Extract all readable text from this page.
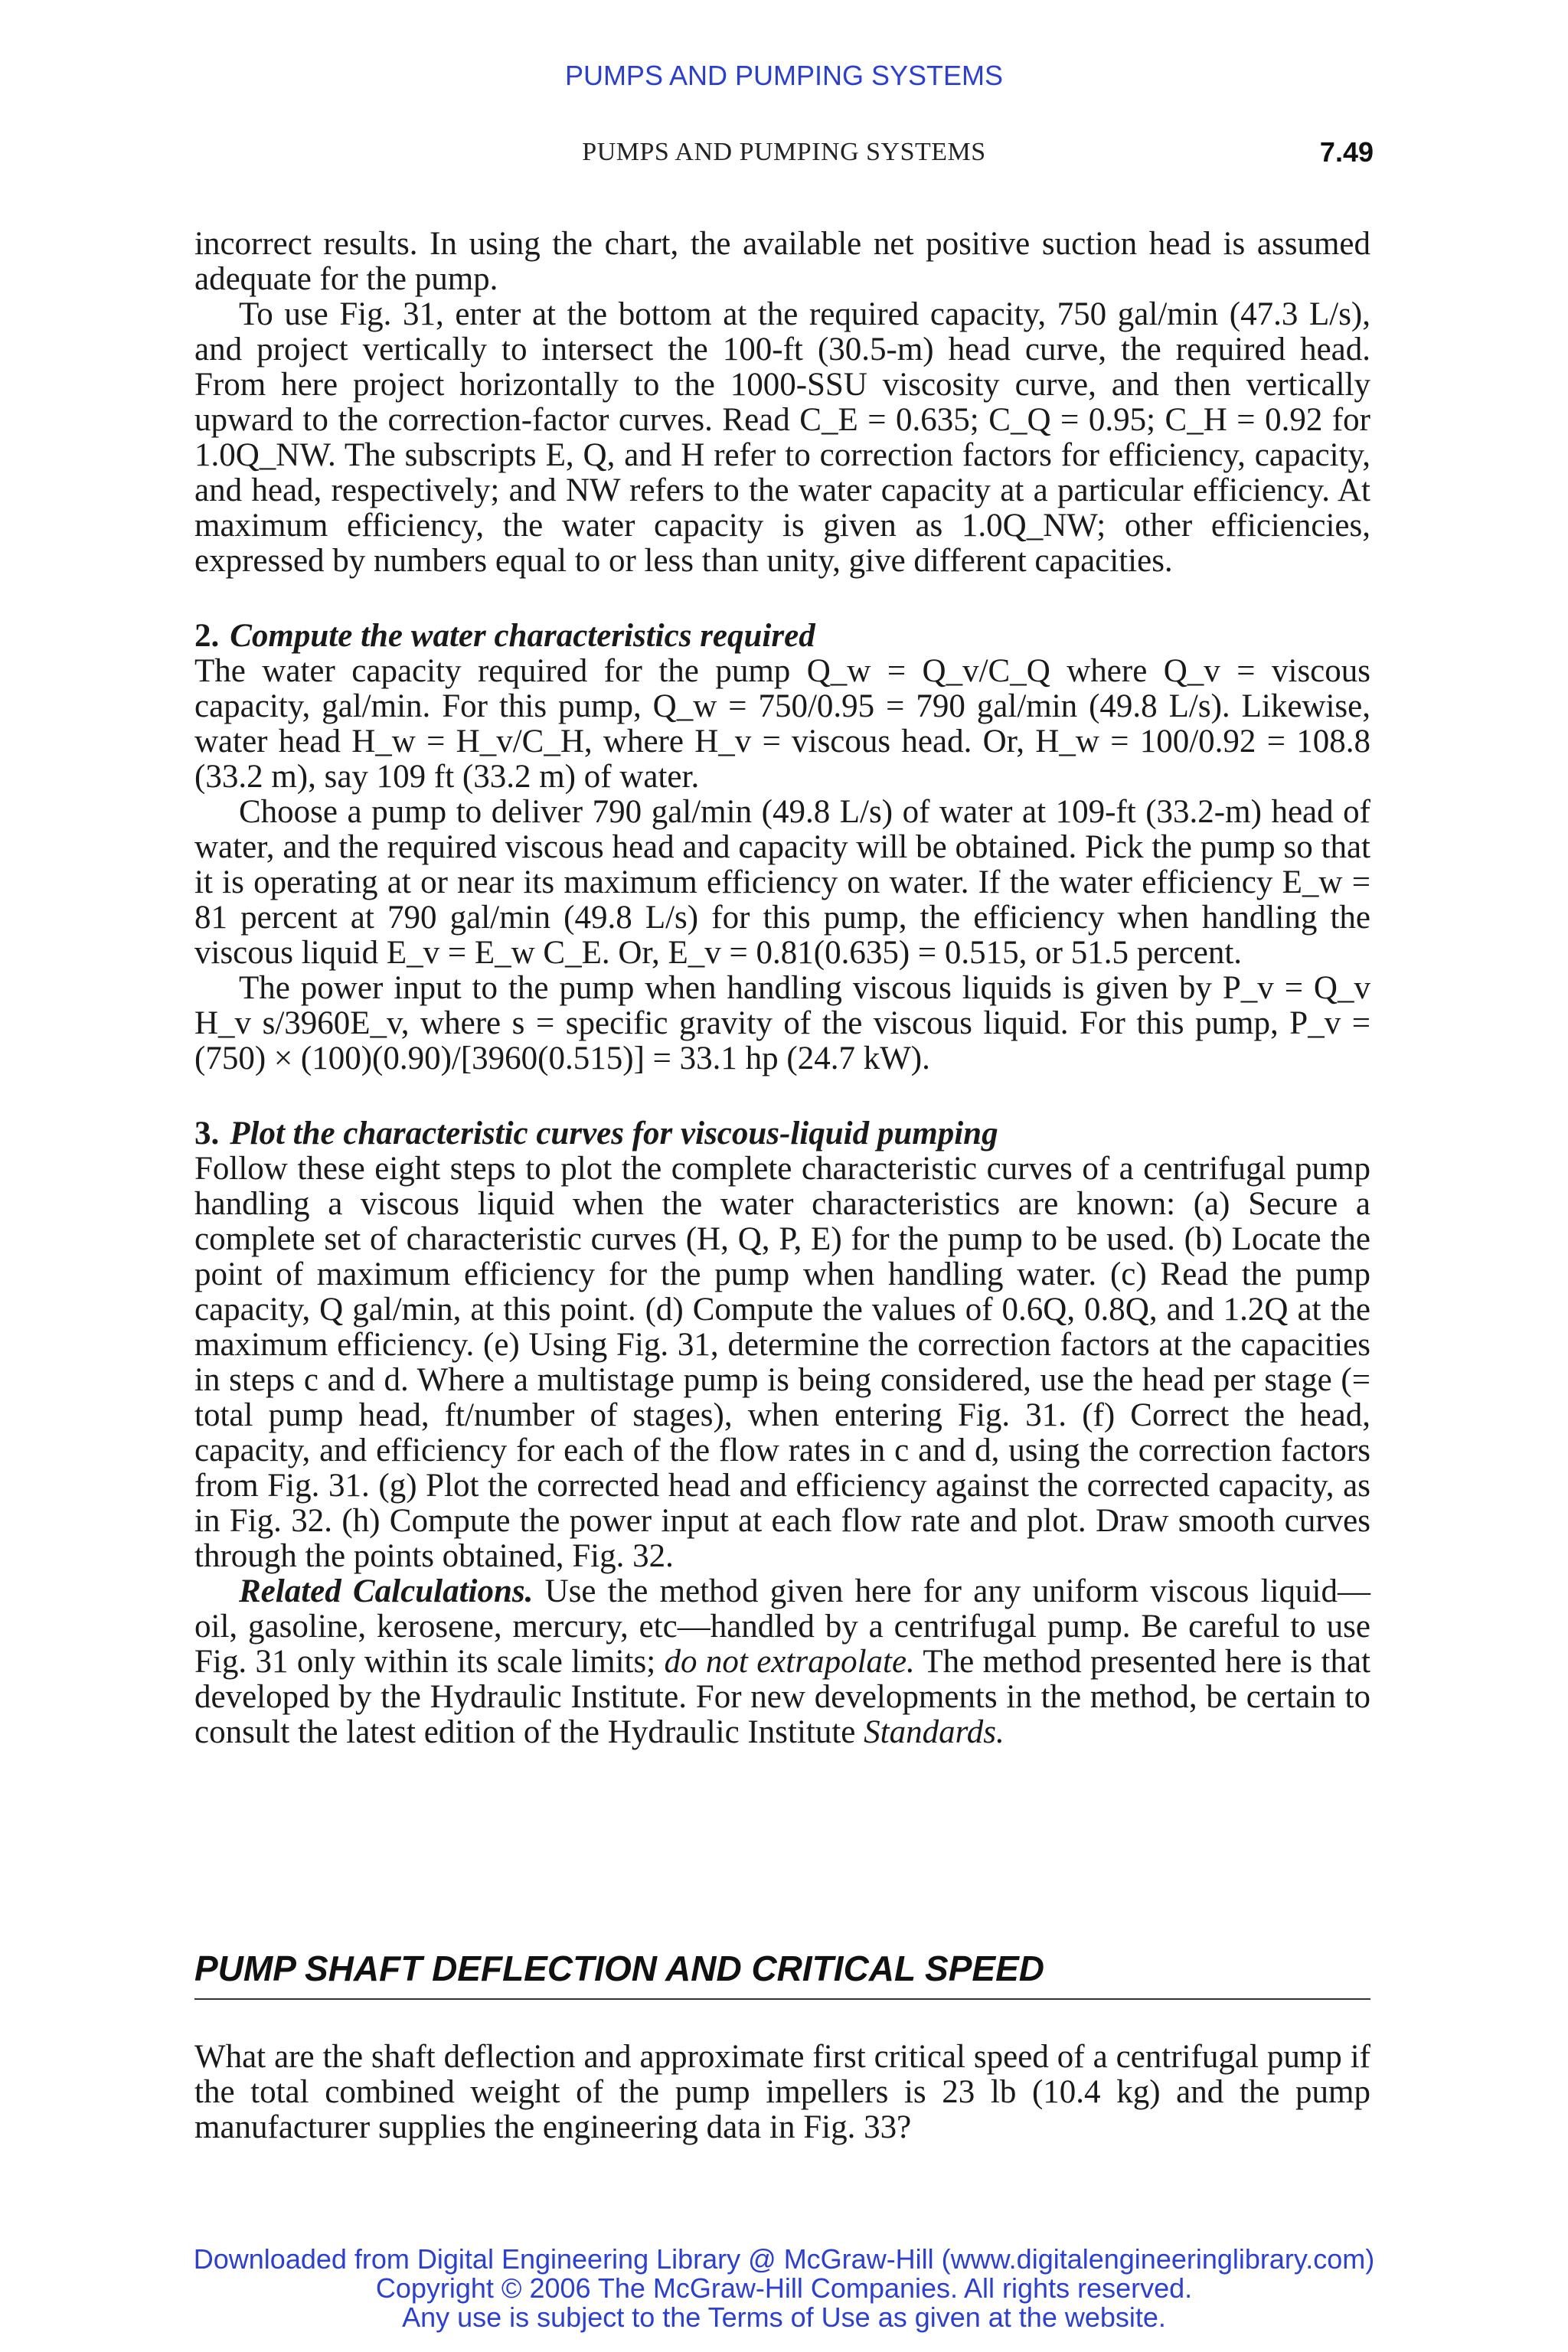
PUMPS AND PUMPING SYSTEMS
PUMPS AND PUMPING SYSTEMS	7.49

incorrect results. In using the chart, the available net positive suction head is assumed adequate for the pump.

To use Fig. 31, enter at the bottom at the required capacity, 750 gal/min (47.3 L/s), and project vertically to intersect the 100-ft (30.5-m) head curve, the required head. From here project horizontally to the 1000-SSU viscosity curve, and then vertically upward to the correction-factor curves. Read C_E = 0.635; C_Q = 0.95; C_H = 0.92 for 1.0Q_NW. The subscripts E, Q, and H refer to correction factors for efficiency, capacity, and head, respectively; and NW refers to the water capacity at a particular efficiency. At maximum efficiency, the water capacity is given as 1.0Q_NW; other efficiencies, expressed by numbers equal to or less than unity, give different capacities.

2. Compute the water characteristics required

The water capacity required for the pump Q_w = Q_v/C_Q where Q_v = viscous capacity, gal/min. For this pump, Q_w = 750/0.95 = 790 gal/min (49.8 L/s). Likewise, water head H_w = H_v/C_H, where H_v = viscous head. Or, H_w = 100/0.92 = 108.8 (33.2 m), say 109 ft (33.2 m) of water.

Choose a pump to deliver 790 gal/min (49.8 L/s) of water at 109-ft (33.2-m) head of water, and the required viscous head and capacity will be obtained. Pick the pump so that it is operating at or near its maximum efficiency on water. If the water efficiency E_w = 81 percent at 790 gal/min (49.8 L/s) for this pump, the efficiency when handling the viscous liquid E_v = E_w C_E. Or, E_v = 0.81(0.635) = 0.515, or 51.5 percent.

The power input to the pump when handling viscous liquids is given by P_v = Q_v H_v s/3960E_v, where s = specific gravity of the viscous liquid. For this pump, P_v = (750) × (100)(0.90)/[3960(0.515)] = 33.1 hp (24.7 kW).

3. Plot the characteristic curves for viscous-liquid pumping

Follow these eight steps to plot the complete characteristic curves of a centrifugal pump handling a viscous liquid when the water characteristics are known: (a) Secure a complete set of characteristic curves (H, Q, P, E) for the pump to be used. (b) Locate the point of maximum efficiency for the pump when handling water. (c) Read the pump capacity, Q gal/min, at this point. (d) Compute the values of 0.6Q, 0.8Q, and 1.2Q at the maximum efficiency. (e) Using Fig. 31, determine the correction factors at the capacities in steps c and d. Where a multistage pump is being considered, use the head per stage (= total pump head, ft/number of stages), when entering Fig. 31. (f) Correct the head, capacity, and efficiency for each of the flow rates in c and d, using the correction factors from Fig. 31. (g) Plot the corrected head and efficiency against the corrected capacity, as in Fig. 32. (h) Compute the power input at each flow rate and plot. Draw smooth curves through the points obtained, Fig. 32.

Related Calculations. Use the method given here for any uniform viscous liquid—oil, gasoline, kerosene, mercury, etc—handled by a centrifugal pump. Be careful to use Fig. 31 only within its scale limits; do not extrapolate. The method presented here is that developed by the Hydraulic Institute. For new developments in the method, be certain to consult the latest edition of the Hydraulic Institute Standards.

PUMP SHAFT DEFLECTION AND CRITICAL SPEED
What are the shaft deflection and approximate first critical speed of a centrifugal pump if the total combined weight of the pump impellers is 23 lb (10.4 kg) and the pump manufacturer supplies the engineering data in Fig. 33?
Downloaded from Digital Engineering Library @ McGraw-Hill (www.digitalengineeringlibrary.com)
Copyright © 2006 The McGraw-Hill Companies. All rights reserved.
Any use is subject to the Terms of Use as given at the website.
